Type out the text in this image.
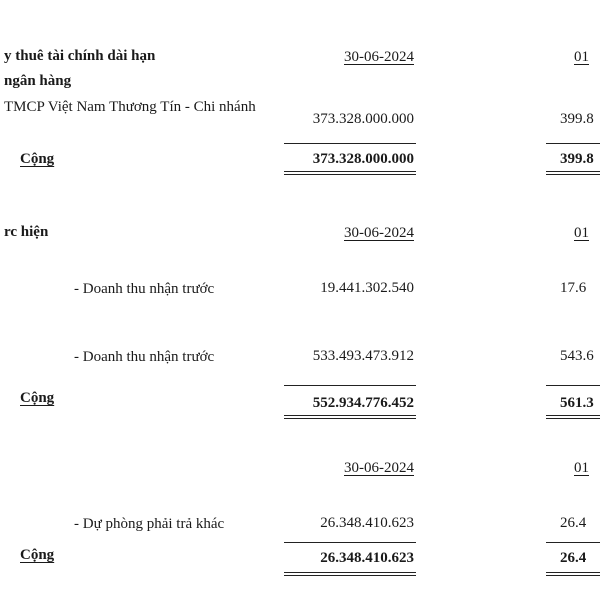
y thuê tài chính dài hạn
ngân hàng
30-06-2024	01
TMCP Việt Nam Thương Tín - Chi nhánh
373.328.000.000	399.8
Cộng	373.328.000.000	399.8
rc hiện	30-06-2024	01
- Doanh thu nhận trước	19.441.302.540	17.6
- Doanh thu nhận trước	533.493.473.912	543.6
Cộng	552.934.776.452	561.3
30-06-2024	01
- Dự phòng phải trả khác	26.348.410.623	26.4
Cộng	26.348.410.623	26.4
